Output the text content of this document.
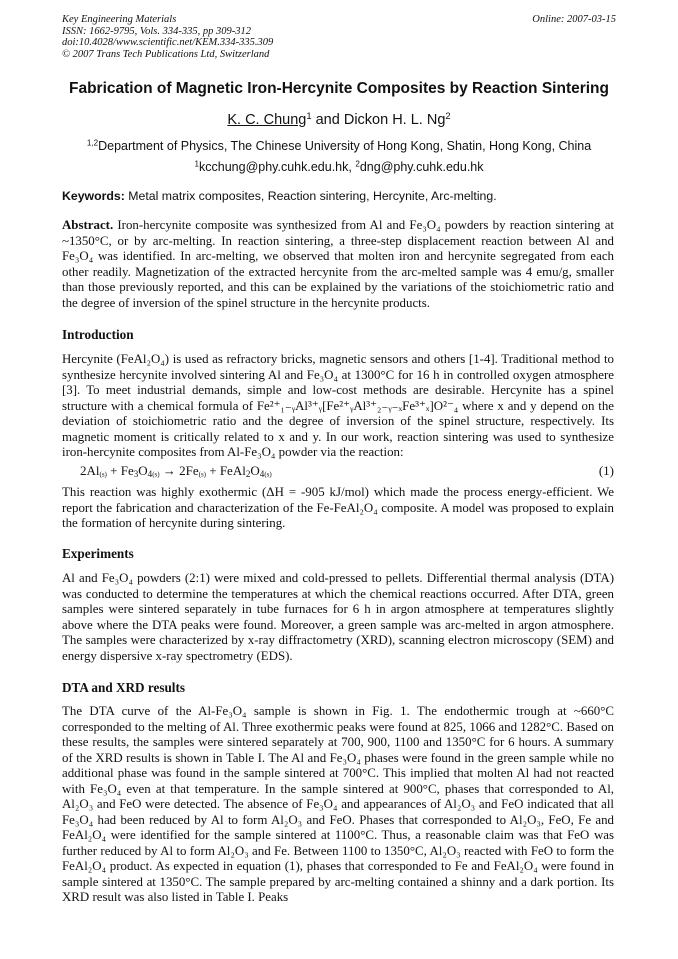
Key Engineering Materials
ISSN: 1662-9795, Vols. 334-335, pp 309-312
doi:10.4028/www.scientific.net/KEM.334-335.309
© 2007 Trans Tech Publications Ltd, Switzerland
Online: 2007-03-15
Fabrication of Magnetic Iron-Hercynite Composites by Reaction Sintering
K. C. Chung$^1$ and Dickon H. L. Ng$^2$
$^{1,2}$Department of Physics, The Chinese University of Hong Kong, Shatin, Hong Kong, China
$^1$kcchung@phy.cuhk.edu.hk, $^2$dng@phy.cuhk.edu.hk
Keywords: Metal matrix composites, Reaction sintering, Hercynite, Arc-melting.

Abstract. Iron-hercynite composite was synthesized from Al and Fe₃O₄ powders by reaction sintering at ~1350°C, or by arc-melting. In reaction sintering, a three-step displacement reaction between Al and Fe₃O₄ was identified. In arc-melting, we observed that molten iron and hercynite segregated from each other readily. Magnetization of the extracted hercynite from the arc-melted sample was 4 emu/g, smaller than those previously reported, and this can be explained by the variations of the stoichiometric ratio and the degree of inversion of the spinel structure in the hercynite products.

Introduction

Hercynite (FeAl₂O₄) is used as refractory bricks, magnetic sensors and others [1-4]. Traditional method to synthesize hercynite involved sintering Al and Fe₃O₄ at 1300°C for 16 h in controlled oxygen atmosphere [3]. To meet industrial demands, simple and low-cost methods are desirable. Hercynite has a spinel structure with a chemical formula of Fe²⁺₁₋ᵧAl³⁺ᵧ[Fe²⁺ᵧAl³⁺₂₋ᵧ₋ₓFe³⁺ₓ]O²⁻₄ where x and y depend on the deviation of stoichiometric ratio and the degree of inversion of the spinel structure, respectively. Its magnetic moment is critically related to x and y. In our work, reaction sintering was used to synthesize iron-hercynite composites from Al-Fe₃O₄ powder via the reaction:

$2Al_{(s)} + Fe_3O_{4(s)} \to 2Fe_{(s)}$ + $FeAl_2O_{4(s)}$	(1)

This reaction was highly exothermic (ΔH = -905 kJ/mol) which made the process energy-efficient. We report the fabrication and characterization of the Fe-FeAl₂O₄ composite. A model was proposed to explain the formation of hercynite during sintering.

Experiments

Al and Fe₃O₄ powders (2:1) were mixed and cold-pressed to pellets. Differential thermal analysis (DTA) was conducted to determine the temperatures at which the chemical reactions occurred. After DTA, green samples were sintered separately in tube furnaces for 6 h in argon atmosphere at temperatures slightly above where the DTA peaks were found. Moreover, a green sample was arc-melted in argon atmosphere. The samples were characterized by x-ray diffractometry (XRD), scanning electron microscopy (SEM) and energy dispersive x-ray spectrometry (EDS).

DTA and XRD results

The DTA curve of the Al-Fe₃O₄ sample is shown in Fig. 1. The endothermic trough at ~660°C corresponded to the melting of Al. Three exothermic peaks were found at 825, 1066 and 1282°C. Based on these results, the samples were sintered separately at 700, 900, 1100 and 1350°C for 6 hours. A summary of the XRD results is shown in Table I. The Al and Fe₃O₄ phases were found in the green sample while no additional phase was found in the sample sintered at 700°C. This implied that molten Al had not reacted with Fe₃O₄ even at that temperature. In the sample sintered at 900°C, phases that corresponded to Al, Al₂O₃ and FeO were detected. The absence of Fe₃O₄ and appearances of Al₂O₃ and FeO indicated that all Fe₃O₄ had been reduced by Al to form Al₂O₃ and FeO. Phases that corresponded to Al₂O₃, FeO, Fe and FeAl₂O₄ were identified for the sample sintered at 1100°C. Thus, a reasonable claim was that FeO was further reduced by Al to form Al₂O₃ and Fe. Between 1100 to 1350°C, Al₂O₃ reacted with FeO to form the FeAl₂O₄ product. As expected in equation (1), phases that corresponded to Fe and FeAl₂O₄ were found in sample sintered at 1350°C. The sample prepared by arc-melting contained a shinny and a dark portion. Its XRD result was also listed in Table I. Peaks
